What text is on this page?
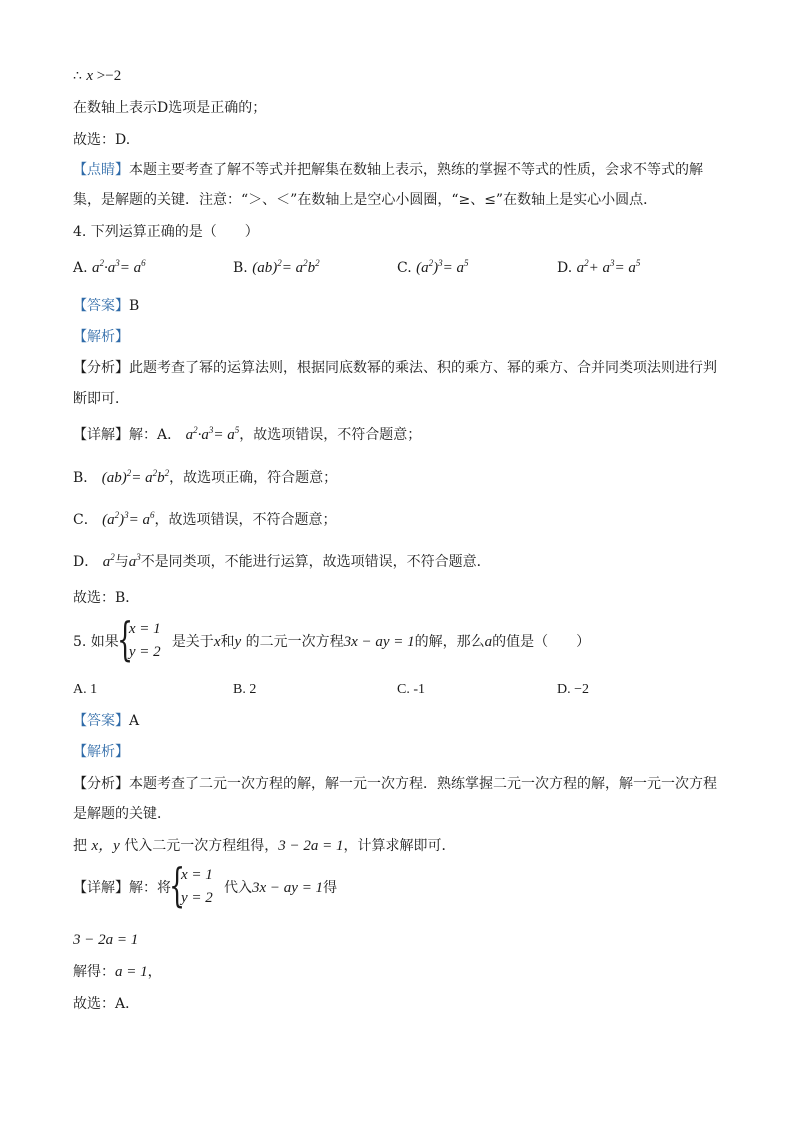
∴ x >−2
在数轴上表示D选项是正确的；
故选：D.
【点睛】本题主要考查了解不等式并把解集在数轴上表示，熟练的掌握不等式的性质，会求不等式的解
集，是解题的关键．注意：“＞、＜”在数轴上是空心小圆圈，“≥、≤”在数轴上是实心小圆点．
4. 下列运算正确的是（　　）
A. $a^2\cdot a^3= a^6$	B. $(ab)^2= a^2b^2$	C. $(a^2)^3= a^5$	D. $a^2+ a^3= a^5$
【答案】B
【解析】
【分析】此题考查了幂的运算法则，根据同底数幂的乘法、积的乘方、幂的乘方、合并同类项法则进行判
断即可．
【详解】解：A． $a^2\cdot a^3= a^5$，故选项错误，不符合题意；
B． $(ab)^2= a^2b^2$，故选项正确，符合题意；
C． $(a^2)^3= a^6$，故选项错误，不符合题意；
D． $a^2$与$a^3$不是同类项，不能进行运算，故选项错误，不符合题意．
故选：B．
5. 如果
{
x = 1
y = 2
是关于x和y 的二元一次方程3x − ay = 1的解，那么a的值是（　　）
A. 1	B. 2	C. -1	D. −2
【答案】A
【解析】
【分析】本题考查了二元一次方程的解，解一元一次方程．熟练掌握二元一次方程的解，解一元一次方程
是解题的关键．
把 x，y 代入二元一次方程组得，3 − 2a = 1，计算求解即可．
【详解】解：将
{
x = 1
y = 2
代入3x − ay = 1得
3 − 2a = 1
解得：a = 1，
故选：A．
